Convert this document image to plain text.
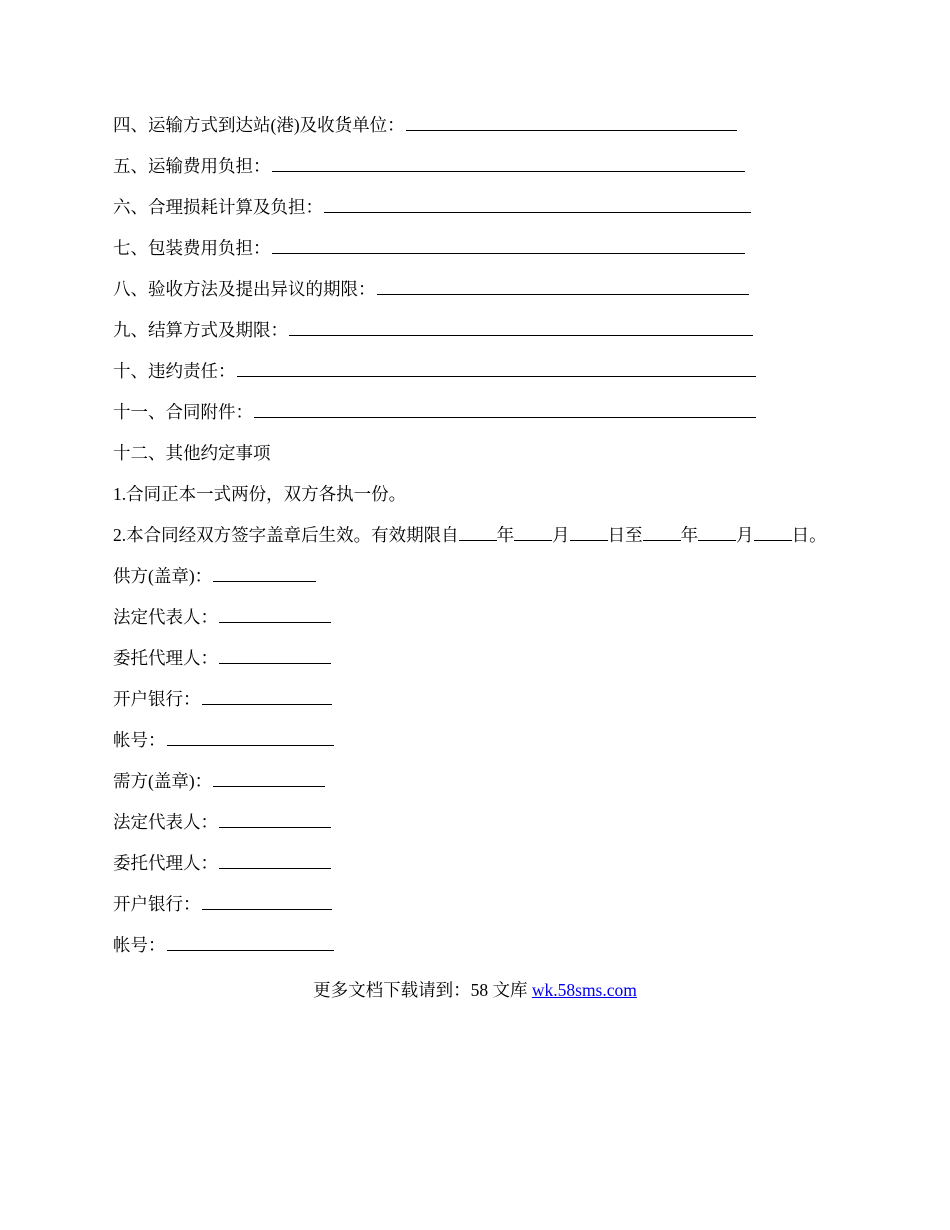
四、运输方式到达站(港)及收货单位：
五、运输费用负担：
六、合理损耗计算及负担：
七、包装费用负担：
八、验收方法及提出异议的期限：
九、结算方式及期限：
十、违约责任：
十一、合同附件：
十二、其他约定事项
1.合同正本一式两份，双方各执一份。
2.本合同经双方签字盖章后生效。有效期限自 年 月 日至 年 月 日。
供方(盖章)：
法定代表人：
委托代理人：
开户银行：
帐号：
需方(盖章)：
法定代表人：
委托代理人：
开户银行：
帐号：
更多文档下载请到：58 文库 wk.58sms.com
